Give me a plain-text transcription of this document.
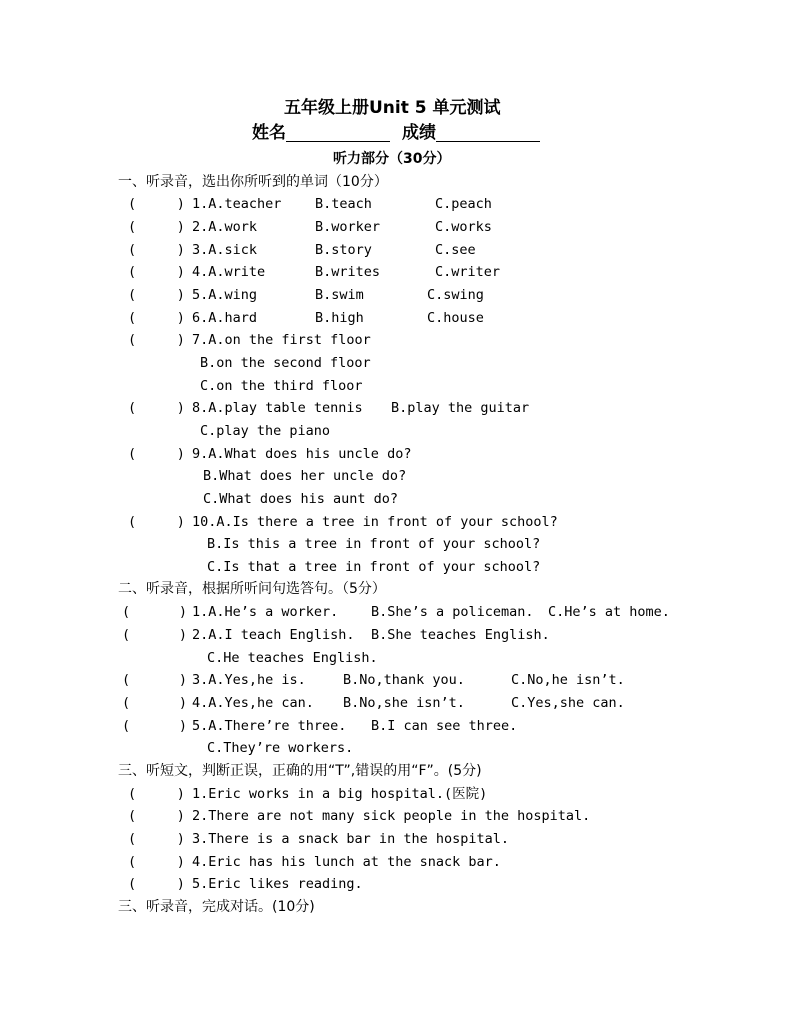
五年级上册Unit 5 单元测试
姓名	成绩
听力部分（30分）
一、听录音，选出你所听到的单词（10分）
(     ) 1.A.teacher B.teach	C.peach
(     ) 2.A.work	B.worker	C.works
(     ) 3.A.sick	B.story	C.see
(     ) 4.A.write	B.writes	C.writer
(     ) 5.A.wing	B.swim	C.swing
(     ) 6.A.hard	B.high	C.house
(     ) 7.A.on the first floor
B.on the second floor
C.on the third floor
(     ) 8.A.play table tennis B.play the guitar
C.play the piano
(     ) 9.A.What does his uncle do?
B.What does her uncle do?
C.What does his aunt do?
(     ) 10.A.Is there a tree in front of your school?
B.Is this a tree in front of your school?
C.Is that a tree in front of your school?
二、听录音，根据所听问句选答句。（5分）
(      ) 1.A.He’s a worker. B.She’s a policeman. C.He’s at home.
(      ) 2.A.I teach English. B.She teaches English.
C.He teaches English.
(      ) 3.A.Yes,he is.	B.No,thank you.	C.No,he isn’t.
(      ) 4.A.Yes,he can. B.No,she isn’t.	C.Yes,she can.
(      ) 5.A.There’re three. B.I can see three.
C.They’re workers.
三、听短文，判断正误，正确的用“T”,错误的用“F”。(5分)
(     ) 1.Eric works in a big hospital.(医院)
(     ) 2.There are not many sick people in the hospital.
(     ) 3.There is a snack bar in the hospital.
(     ) 4.Eric has his lunch at the snack bar.
(     ) 5.Eric likes reading.
三、听录音，完成对话。(10分)
